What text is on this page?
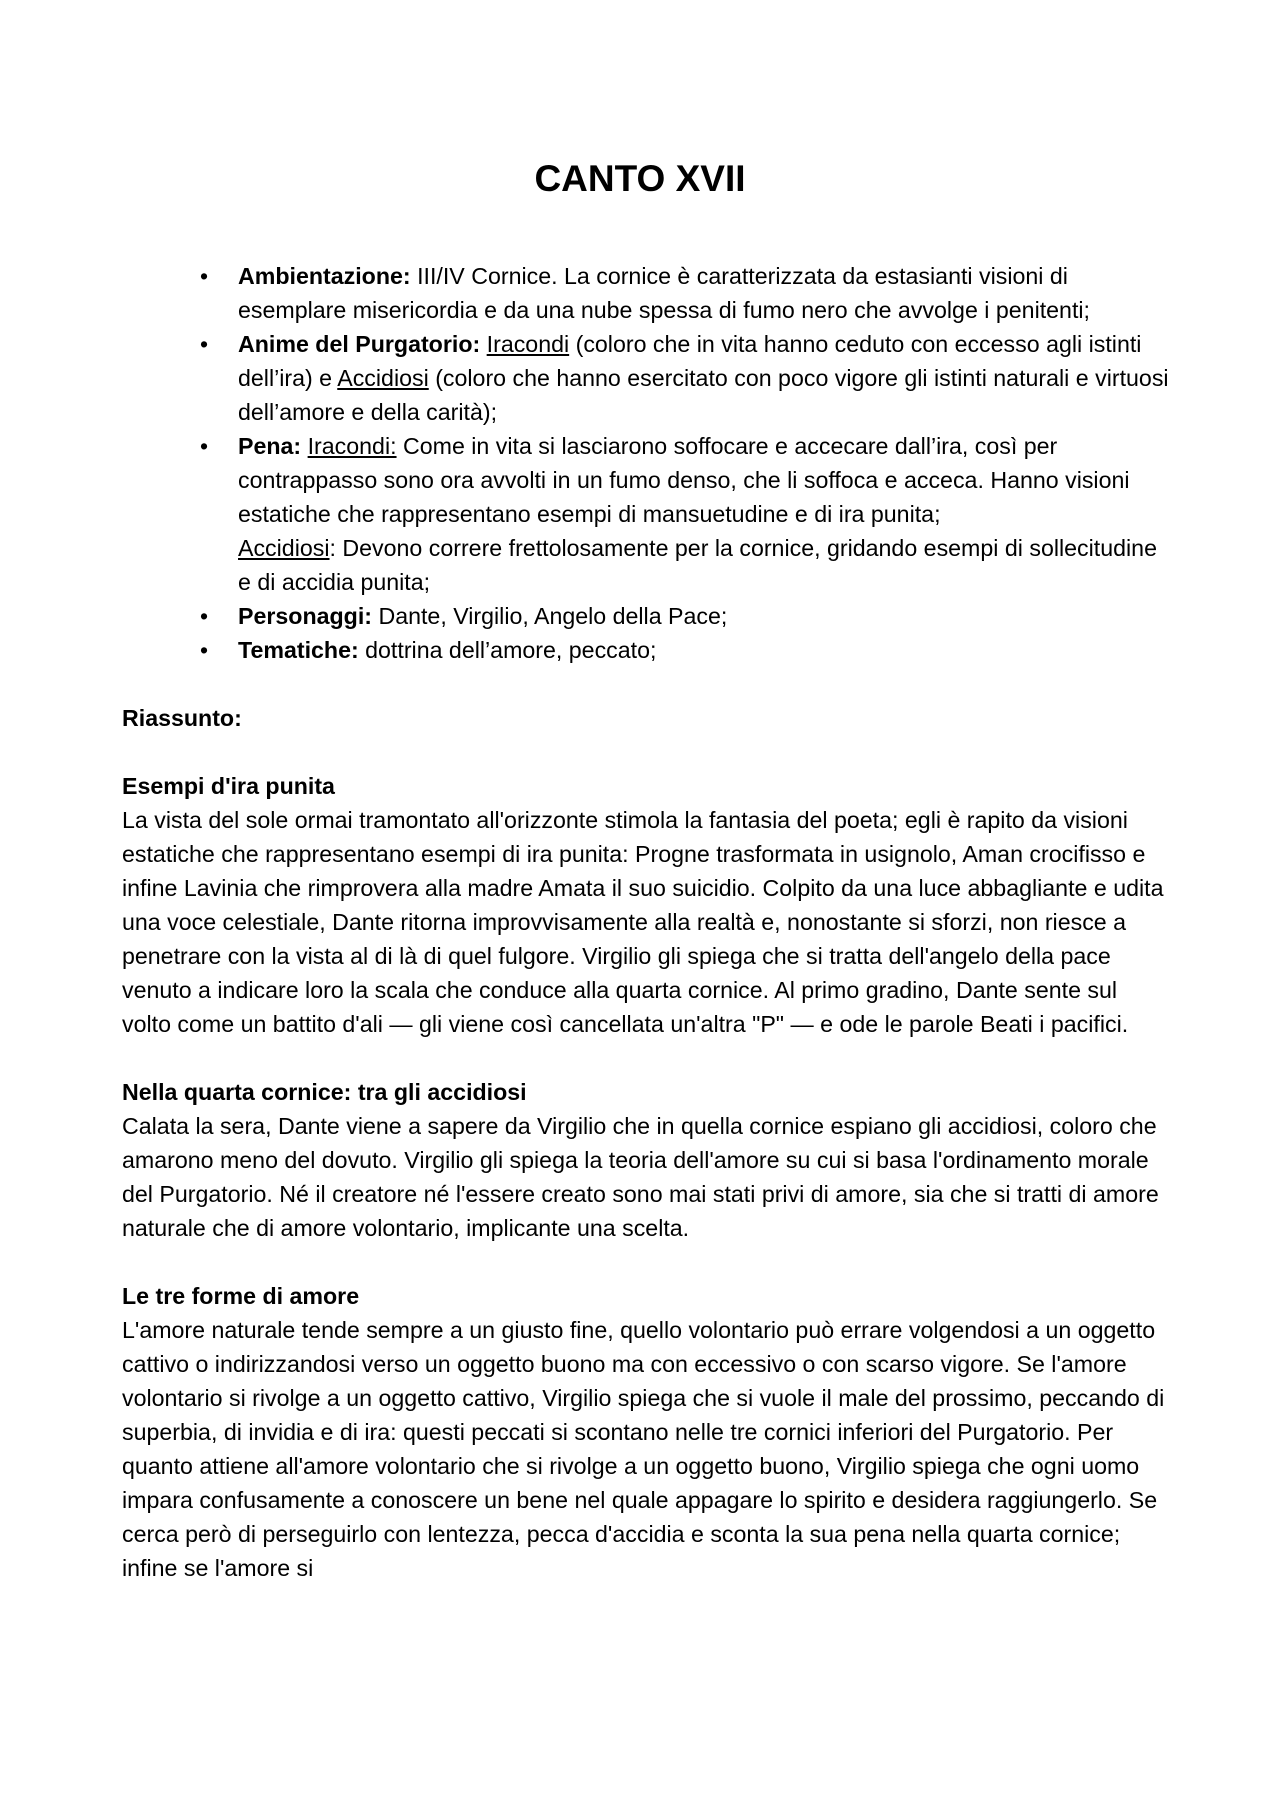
CANTO XVII
• Ambientazione: III/IV Cornice. La cornice è caratterizzata da estasianti visioni di esemplare misericordia e da una nube spessa di fumo nero che avvolge i penitenti;
• Anime del Purgatorio: Iracondi (coloro che in vita hanno ceduto con eccesso agli istinti dell’ira) e Accidiosi (coloro che hanno esercitato con poco vigore gli istinti naturali e virtuosi dell’amore e della carità);
• Pena: Iracondi: Come in vita si lasciarono soffocare e accecare dall’ira, così per contrappasso sono ora avvolti in un fumo denso, che li soffoca e acceca. Hanno visioni estatiche che rappresentano esempi di mansuetudine e di ira punita;
Accidiosi: Devono correre frettolosamente per la cornice, gridando esempi di sollecitudine e di accidia punita;
• Personaggi: Dante, Virgilio, Angelo della Pace;
• Tematiche: dottrina dell’amore, peccato;

Riassunto:

Esempi d'ira punita

La vista del sole ormai tramontato all'orizzonte stimola la fantasia del poeta; egli è rapito da visioni estatiche che rappresentano esempi di ira punita: Progne trasformata in usignolo, Aman crocifisso e infine Lavinia che rimprovera alla madre Amata il suo suicidio. Colpito da una luce abbagliante e udita una voce celestiale, Dante ritorna improvvisamente alla realtà e, nonostante si sforzi, non riesce a penetrare con la vista al di là di quel fulgore. Virgilio gli spiega che si tratta dell'angelo della pace venuto a indicare loro la scala che conduce alla quarta cornice. Al primo gradino, Dante sente sul volto come un battito d'ali — gli viene così cancellata un'altra "P" — e ode le parole Beati i pacifici.

Nella quarta cornice: tra gli accidiosi

Calata la sera, Dante viene a sapere da Virgilio che in quella cornice espiano gli accidiosi, coloro che amarono meno del dovuto. Virgilio gli spiega la teoria dell'amore su cui si basa l'ordinamento morale del Purgatorio. Né il creatore né l'essere creato sono mai stati privi di amore, sia che si tratti di amore naturale che di amore volontario, implicante una scelta.

Le tre forme di amore

L'amore naturale tende sempre a un giusto fine, quello volontario può errare volgendosi a un oggetto cattivo o indirizzandosi verso un oggetto buono ma con eccessivo o con scarso vigore. Se l'amore volontario si rivolge a un oggetto cattivo, Virgilio spiega che si vuole il male del prossimo, peccando di superbia, di invidia e di ira: questi peccati si scontano nelle tre cornici inferiori del Purgatorio. Per quanto attiene all'amore volontario che si rivolge a un oggetto buono, Virgilio spiega che ogni uomo impara confusamente a conoscere un bene nel quale appagare lo spirito e desidera raggiungerlo. Se cerca però di perseguirlo con lentezza, pecca d'accidia e sconta la sua pena nella quarta cornice; infine se l'amore si
